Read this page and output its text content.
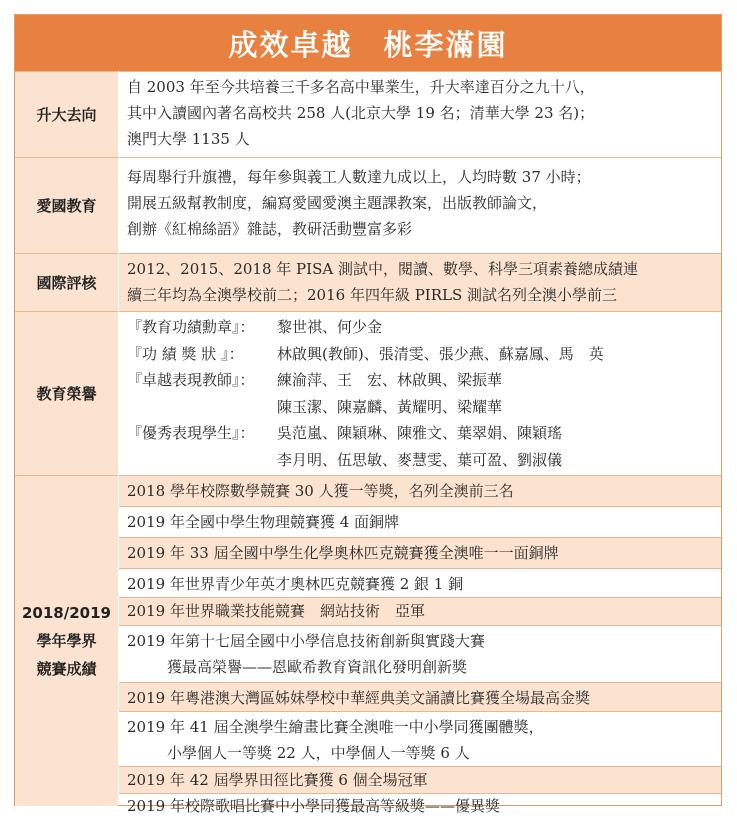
成效卓越　桃李滿園
升大去向
自 2003 年至今共培養三千多名高中畢業生，升大率達百分之九十八，
其中入讀國內著名高校共 258 人(北京大學 19 名；清華大學 23 名)；
澳門大學 1135 人
愛國教育
每周舉行升旗禮，每年參與義工人數達九成以上，人均時數 37 小時；
開展五級幫教制度，編寫愛國愛澳主題課教案，出版教師論文，
創辦《紅棉絲語》雜誌，教研活動豐富多彩
國際評核
2012、2015、2018 年 PISA 測試中，閱讀、數學、科學三項素養總成績連
續三年均為全澳學校前二；2016 年四年級 PIRLS 測試名列全澳小學前三
教育榮譽
『教育功績勳章』： 黎世祺、何少金
『功 績 獎 狀 』： 林啟興(教師)、張清雯、張少燕、蘇嘉鳳、馬　英
『卓越表現教師』： 練渝萍、王　宏、林啟興、梁振華
陳玉潔、陳嘉麟、黃耀明、梁耀華
『優秀表現學生』： 吳范嵐、陳穎琳、陳雅文、葉翠娟、陳穎瑤
李月明、伍思敏、麥慧雯、葉可盈、劉淑儀
2018/2019
學年學界
競賽成績
2018 學年校際數學競賽 30 人獲一等獎，名列全澳前三名
2019 年全國中學生物理競賽獲 4 面銅牌
2019 年 33 屆全國中學生化學奧林匹克競賽獲全澳唯一一面銅牌
2019 年世界青少年英才奧林匹克競賽獲 2 銀 1 銅
2019 年世界職業技能競賽　網站技術　亞軍
2019 年第十七屆全國中小學信息技術創新與實踐大賽
獲最高榮譽——恩歐希教育資訊化發明創新獎
2019 年粵港澳大灣區姊妹學校中華經典美文誦讀比賽獲全場最高金獎
2019 年 41 屆全澳學生繪畫比賽全澳唯一中小學同獲團體獎，
小學個人一等獎 22 人，中學個人一等獎 6 人
2019 年 42 屆學界田徑比賽獲 6 個全場冠軍
2019 年校際歌唱比賽中小學同獲最高等級獎——優異獎
